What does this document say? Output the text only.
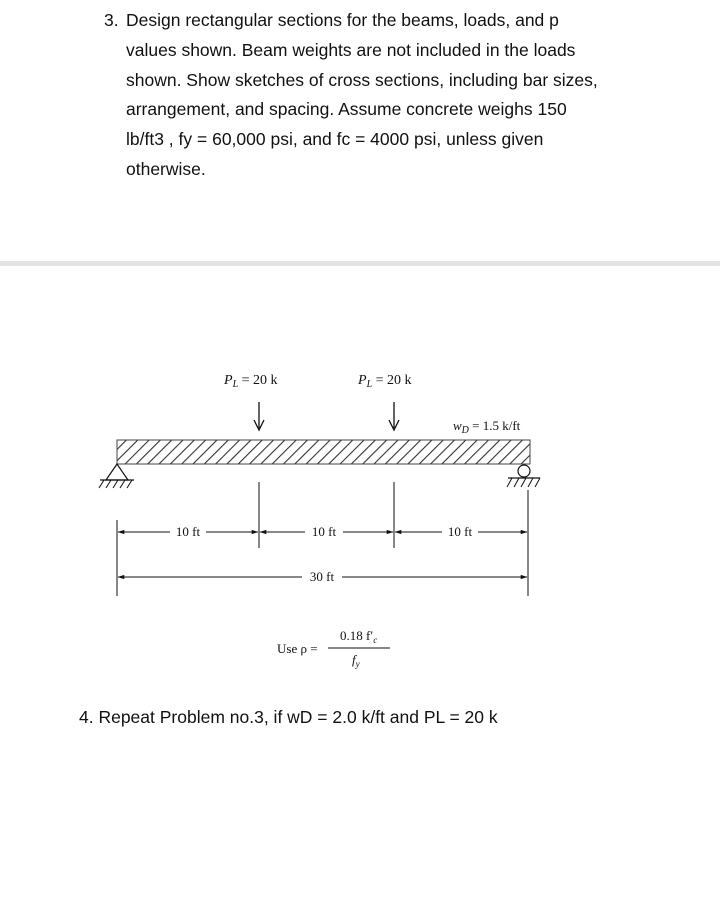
3. Design rectangular sections for the beams, loads, and p
values shown. Beam weights are not included in the loads
shown. Show sketches of cross sections, including bar sizes,
arrangement, and spacing. Assume concrete weighs 150
lb/ft3 , fy = 60,000 psi, and fc = 4000 psi, unless given
otherwise.
$P_L = 20$ k	$P_L = 20$ k
$w_D = 1.5$ k/ft
10 ft	10 ft	10 ft
30 ft
Use ρ =
0.18 $f'_c$
$f_y$
4. Repeat Problem no.3, if wD = 2.0 k/ft and PL = 20 k
